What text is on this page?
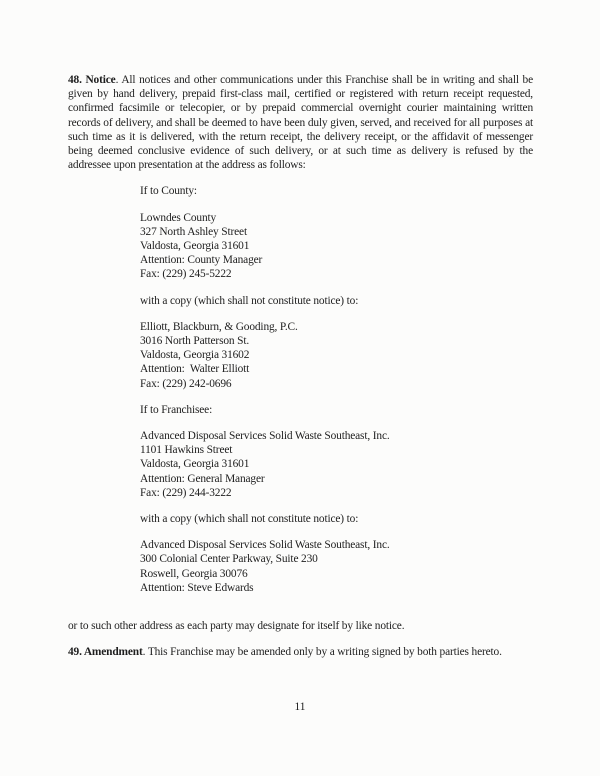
48. Notice. All notices and other communications under this Franchise shall be in writing and shall be given by hand delivery, prepaid first-class mail, certified or registered with return receipt requested, confirmed facsimile or telecopier, or by prepaid commercial overnight courier maintaining written records of delivery, and shall be deemed to have been duly given, served, and received for all purposes at such time as it is delivered, with the return receipt, the delivery receipt, or the affidavit of messenger being deemed conclusive evidence of such delivery, or at such time as delivery is refused by the addressee upon presentation at the address as follows:

If to County:

Lowndes County
327 North Ashley Street
Valdosta, Georgia 31601
Attention: County Manager
Fax: (229) 245-5222

with a copy (which shall not constitute notice) to:

Elliott, Blackburn, & Gooding, P.C.
3016 North Patterson St.
Valdosta, Georgia 31602
Attention:  Walter Elliott
Fax: (229) 242-0696

If to Franchisee:

Advanced Disposal Services Solid Waste Southeast, Inc.
1101 Hawkins Street
Valdosta, Georgia 31601
Attention: General Manager
Fax: (229) 244-3222

with a copy (which shall not constitute notice) to:

Advanced Disposal Services Solid Waste Southeast, Inc.
300 Colonial Center Parkway, Suite 230
Roswell, Georgia 30076
Attention: Steve Edwards

or to such other address as each party may designate for itself by like notice.

49. Amendment. This Franchise may be amended only by a writing signed by both parties hereto.

11
